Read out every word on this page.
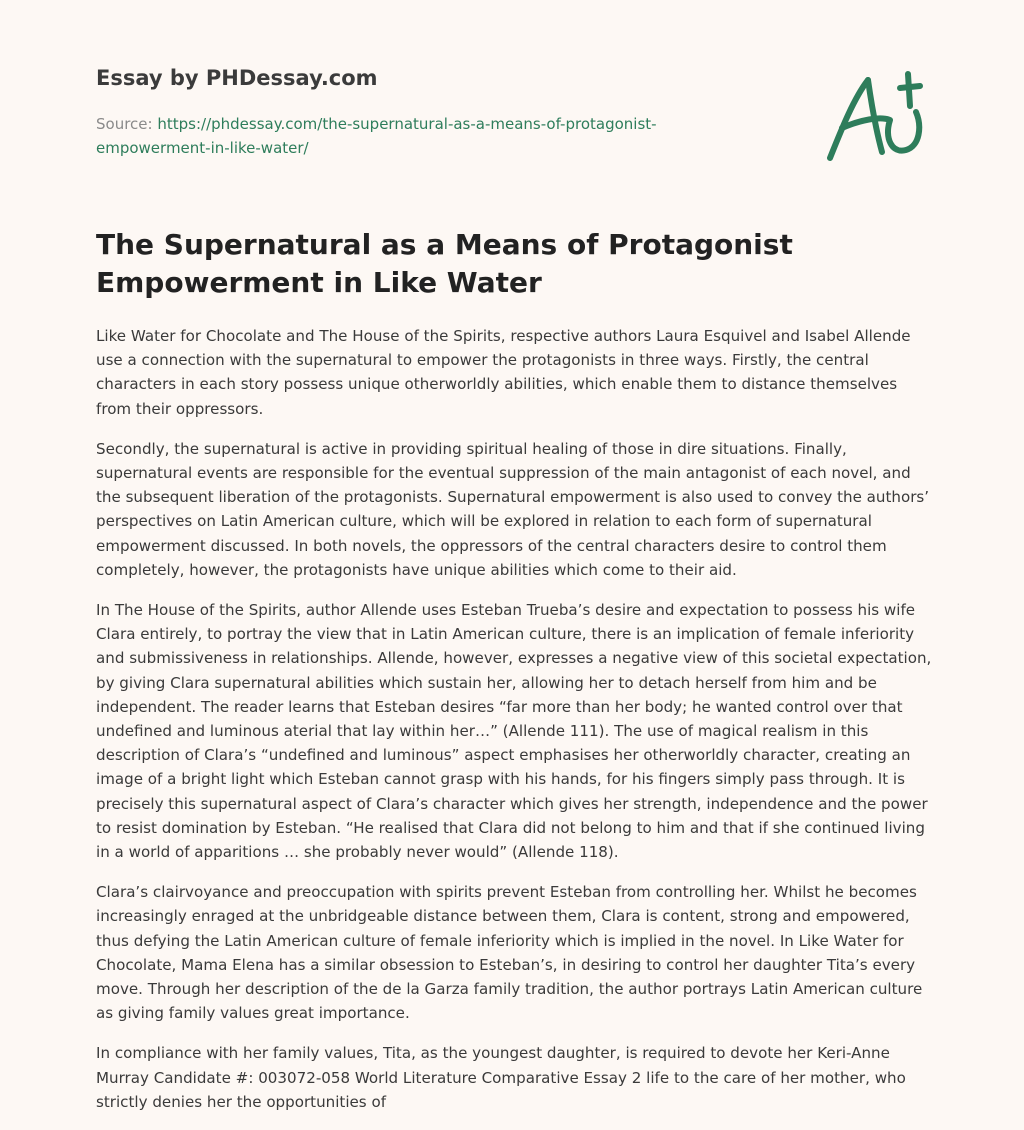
Essay by PHDessay.com
Source: https://phdessay.com/the-supernatural-as-a-means-of-protagonist-
empowerment-in-like-water/
The Supernatural as a Means of Protagonist Empowerment in Like Water

Like Water for Chocolate and The House of the Spirits, respective authors Laura Esquivel and Isabel Allende use a connection with the supernatural to empower the protagonists in three ways. Firstly, the central characters in each story possess unique otherworldly abilities, which enable them to distance themselves from their oppressors.

Secondly, the supernatural is active in providing spiritual healing of those in dire situations. Finally, supernatural events are responsible for the eventual suppression of the main antagonist of each novel, and the subsequent liberation of the protagonists. Supernatural empowerment is also used to convey the authors’ perspectives on Latin American culture, which will be explored in relation to each form of supernatural empowerment discussed. In both novels, the oppressors of the central characters desire to control them completely, however, the protagonists have unique abilities which come to their aid.

In The House of the Spirits, author Allende uses Esteban Trueba’s desire and expectation to possess his wife Clara entirely, to portray the view that in Latin American culture, there is an implication of female inferiority and submissiveness in relationships. Allende, however, expresses a negative view of this societal expectation, by giving Clara supernatural abilities which sustain her, allowing her to detach herself from him and be independent. The reader learns that Esteban desires “far more than her body; he wanted control over that undefined and luminous aterial that lay within her…” (Allende 111). The use of magical realism in this description of Clara’s “undefined and luminous” aspect emphasises her otherworldly character, creating an image of a bright light which Esteban cannot grasp with his hands, for his fingers simply pass through. It is precisely this supernatural aspect of Clara’s character which gives her strength, independence and the power to resist domination by Esteban. “He realised that Clara did not belong to him and that if she continued living in a world of apparitions … she probably never would” (Allende 118).

Clara’s clairvoyance and preoccupation with spirits prevent Esteban from controlling her. Whilst he becomes increasingly enraged at the unbridgeable distance between them, Clara is content, strong and empowered, thus defying the Latin American culture of female inferiority which is implied in the novel. In Like Water for Chocolate, Mama Elena has a similar obsession to Esteban’s, in desiring to control her daughter Tita’s every move. Through her description of the de la Garza family tradition, the author portrays Latin American culture as giving family values great importance.

In compliance with her family values, Tita, as the youngest daughter, is required to devote her Keri-Anne Murray Candidate #: 003072-058 World Literature Comparative Essay 2 life to the care of her mother, who strictly denies her the opportunities of
